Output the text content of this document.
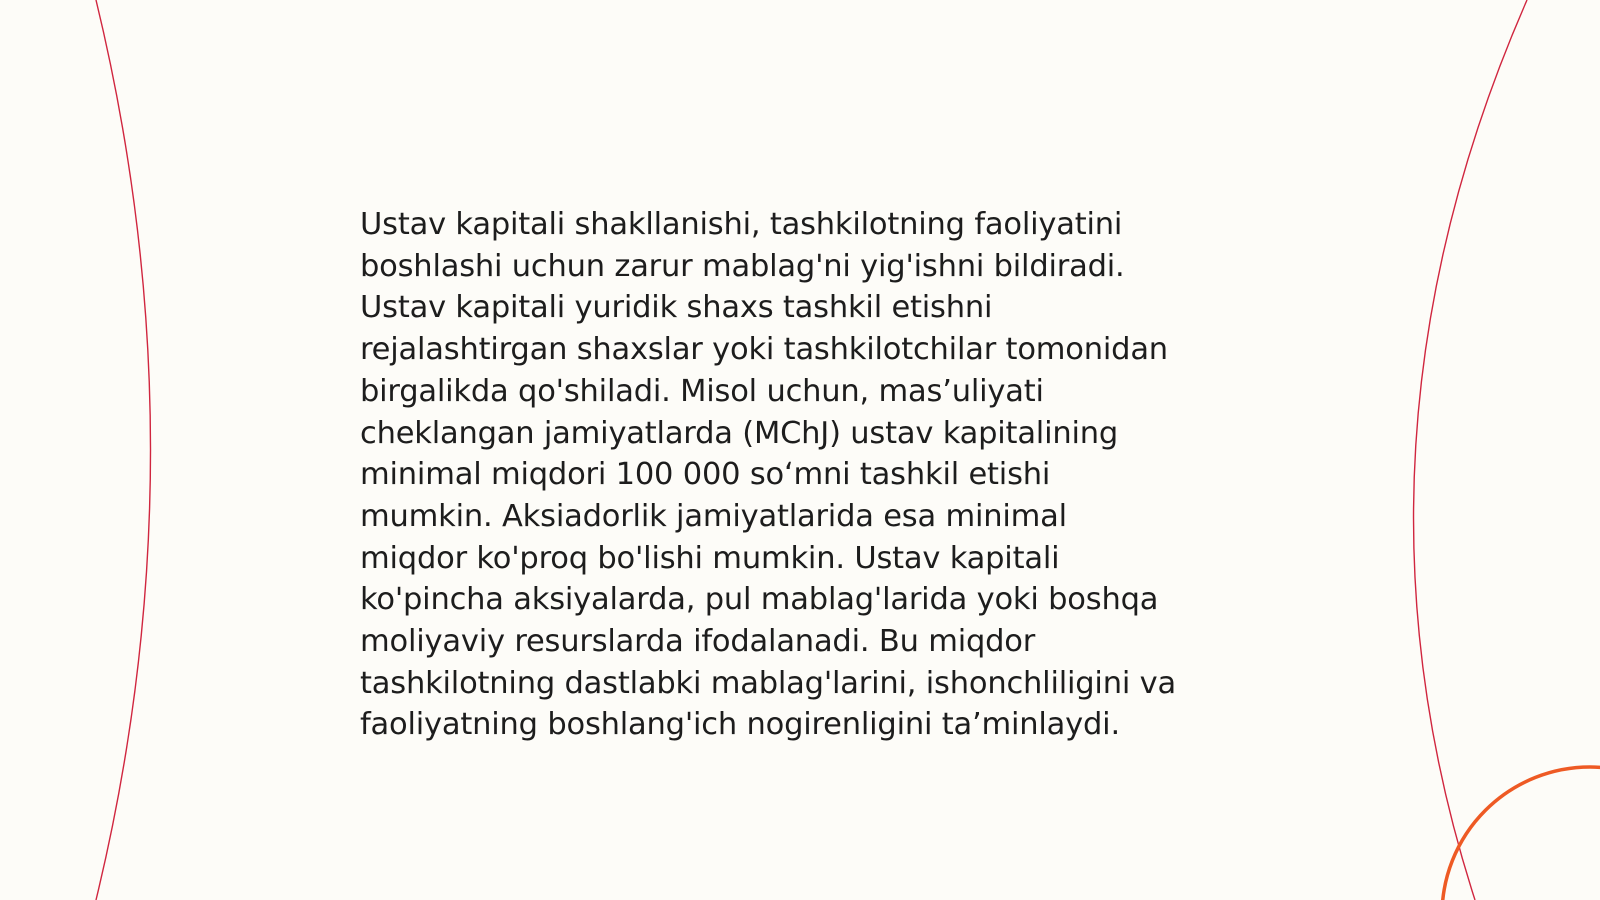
Ustav kapitali shakllanishi, tashkilotning faoliyatini
boshlashi uchun zarur mablag'ni yig'ishni bildiradi.
Ustav kapitali yuridik shaxs tashkil etishni
rejalashtirgan shaxslar yoki tashkilotchilar tomonidan
birgalikda qo'shiladi. Misol uchun, mas’uliyati
cheklangan jamiyatlarda (MChJ) ustav kapitalining
minimal miqdori 100 000 so‘mni tashkil etishi
mumkin. Aksiadorlik jamiyatlarida esa minimal
miqdor ko'proq bo'lishi mumkin. Ustav kapitali
ko'pincha aksiyalarda, pul mablag'larida yoki boshqa
moliyaviy resurslarda ifodalanadi. Bu miqdor
tashkilotning dastlabki mablag'larini, ishonchliligini va
faoliyatning boshlang'ich nogirenligini ta’minlaydi.
